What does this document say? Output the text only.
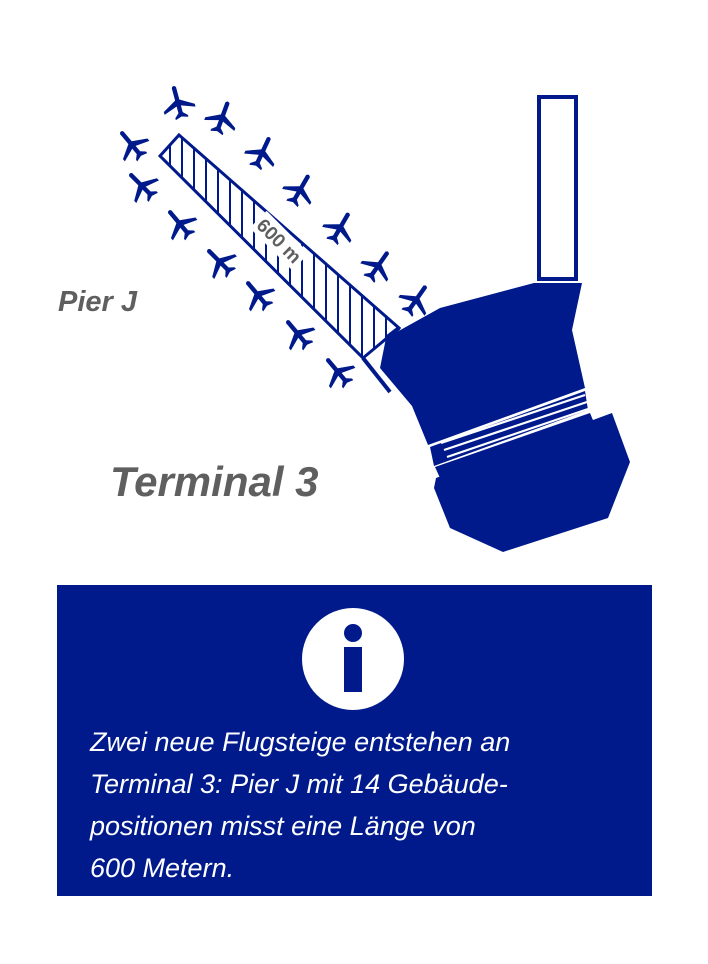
600 m
Pier J
Terminal 3
Zwei neue Flugsteige entstehen an
Terminal 3: Pier J mit 14 Gebäude-
positionen misst eine Länge von
600 Metern.
